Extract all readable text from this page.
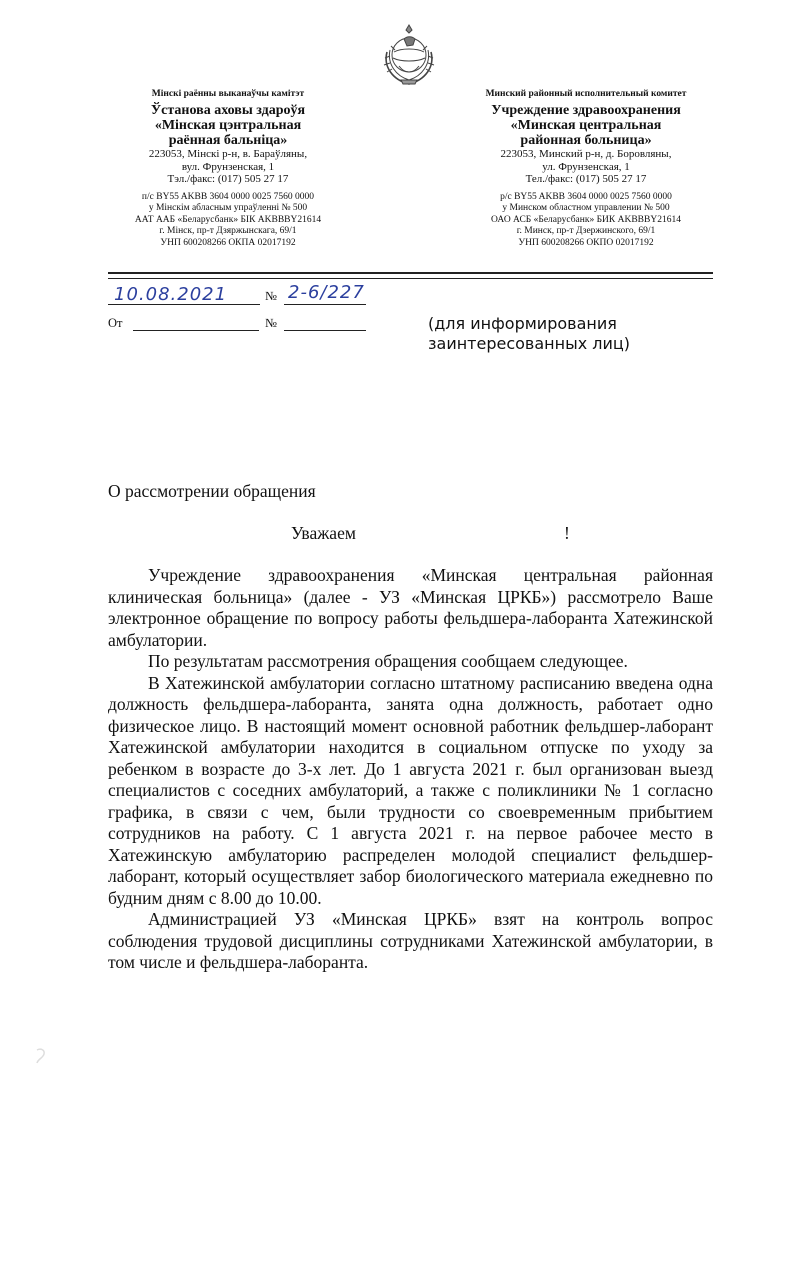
Мінскі раённы выканаўчы камітэт
Ўстанова аховы здароўя
«Мінская цэнтральная
раённая бальніца»
223053, Мінскі р-н, в. Бараўляны,
вул. Фрунзенская, 1
Тэл./факс: (017) 505 27 17
п/с BY55 AKBB 3604 0000 0025 7560 0000
у Мінскім абласным упраўленні № 500
ААТ ААБ «Беларусбанк» БІК AKBBBY21614
г. Мінск, пр-т Дзяржынскага, 69/1
УНП 600208266 ОКПА 02017192
Минский районный исполнительный комитет
Учреждение здравоохранения
«Минская центральная
районная больница»
223053, Минский р-н, д. Боровляны,
ул. Фрунзенская, 1
Тел./факс: (017) 505 27 17
р/с BY55 AKBB 3604 0000 0025 7560 0000
у Минском областном управлении № 500
ОАО АСБ «Беларусбанк» БИК AKBBBY21614
г. Минск, пр-т Дзержинского, 69/1
УНП 600208266 ОКПО 02017192
10.08.2021	№ 2-6/227
От	№	(для информирования
заинтересованных лиц)
О рассмотрении обращения
Уважаем	!

Учреждение здравоохранения «Минская центральная районная клиническая больница» (далее - УЗ «Минская ЦРКБ») рассмотрело Ваше электронное обращение по вопросу работы фельдшера-лаборанта Хатежинской амбулатории.

По результатам рассмотрения обращения сообщаем следующее.

В Хатежинской амбулатории согласно штатному расписанию введена одна должность фельдшера-лаборанта, занята одна должность, работает одно физическое лицо. В настоящий момент основной работник фельдшер-лаборант Хатежинской амбулатории находится в социальном отпуске по уходу за ребенком в возрасте до 3-х лет. До 1 августа 2021 г. был организован выезд специалистов с соседних амбулаторий, а также с поликлиники № 1 согласно графика, в связи с чем, были трудности со своевременным прибытием сотрудников на работу. С 1 августа 2021 г. на первое рабочее место в Хатежинскую амбулаторию распределен молодой специалист фельдшер-лаборант, который осуществляет забор биологического материала ежедневно по будним дням с 8.00 до 10.00.

Администрацией УЗ «Минская ЦРКБ» взят на контроль вопрос соблюдения трудовой дисциплины сотрудниками Хатежинской амбулатории, в том числе и фельдшера-лаборанта.
